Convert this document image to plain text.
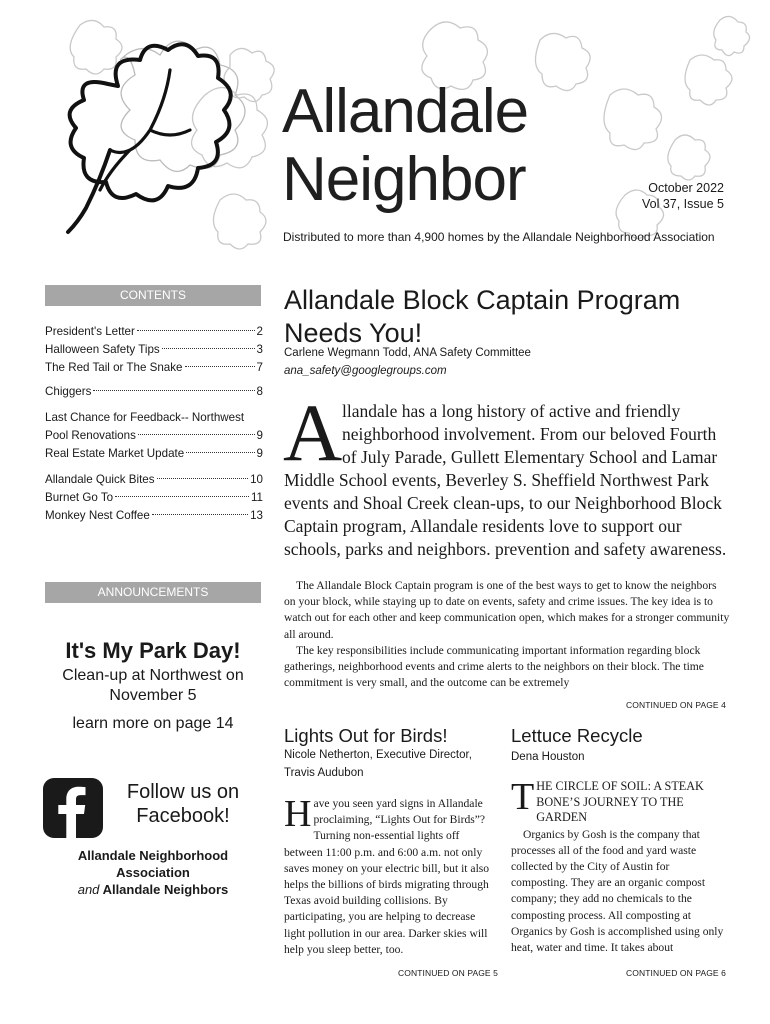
Allandale
Neighbor	October 2022
Vol 37, Issue 5
Distributed to more than 4,900 homes by the Allandale Neighborhood Association
CONTENTS
President's Letter	2
Halloween Safety Tips	3
The Red Tail or The Snake	7
Chiggers	8
Last Chance for Feedback-- Northwest
Pool Renovations	9
Real Estate Market Update	9
Allandale Quick Bites	10
Burnet Go To	11
Monkey Nest Coffee	13
ANNOUNCEMENTS
It's My Park Day!
Clean-up at Northwest on
November 5
learn more on page 14
Follow us on
Facebook!
Allandale Neighborhood Association
and Allandale Neighbors
Allandale Block Captain Program Needs You!
Carlene Wegmann Todd, ANA Safety Committee
ana_safety@googlegroups.com
A llandale has a long history of active and friendly neighborhood involvement. From our beloved Fourth of July Parade, Gullett Elementary School and Lamar Middle School events, Beverley S. Sheffield Northwest Park events and Shoal Creek clean-ups, to our Neighborhood Block Captain program, Allandale residents love to support our schools, parks and neighbors. prevention and safety awareness.
The Allandale Block Captain program is one of the best ways to get to know the neighbors on your block, while staying up to date on events, safety and crime issues. The key idea is to watch out for each other and keep communication open, which makes for a stronger community all around.
The key responsibilities include communicating important information regarding block gatherings, neighborhood events and crime alerts to the neighbors on their block. The time commitment is very small, and the outcome can be extremely
CONTINUED ON PAGE 4
Lights Out for Birds!
Nicole Netherton, Executive Director,
Travis Audubon
Have you seen yard signs in Allandale proclaiming, “Lights Out for Birds”? Turning non-essential lights off between 11:00 p.m. and 6:00 a.m. not only saves money on your electric bill, but it also helps the billions of birds migrating through Texas avoid building collisions. By participating, you are helping to decrease light pollution in our area. Darker skies will help you sleep better, too.
CONTINUED ON PAGE 5
Lettuce Recycle
Dena Houston
THE CIRCLE OF SOIL: A STEAK BONE’S JOURNEY TO THE GARDEN
Organics by Gosh is the company that processes all of the food and yard waste collected by the City of Austin for composting. They are an organic compost company; they add no chemicals to the composting process. All composting at Organics by Gosh is accomplished using only heat, water and time. It takes about
CONTINUED ON PAGE 6
